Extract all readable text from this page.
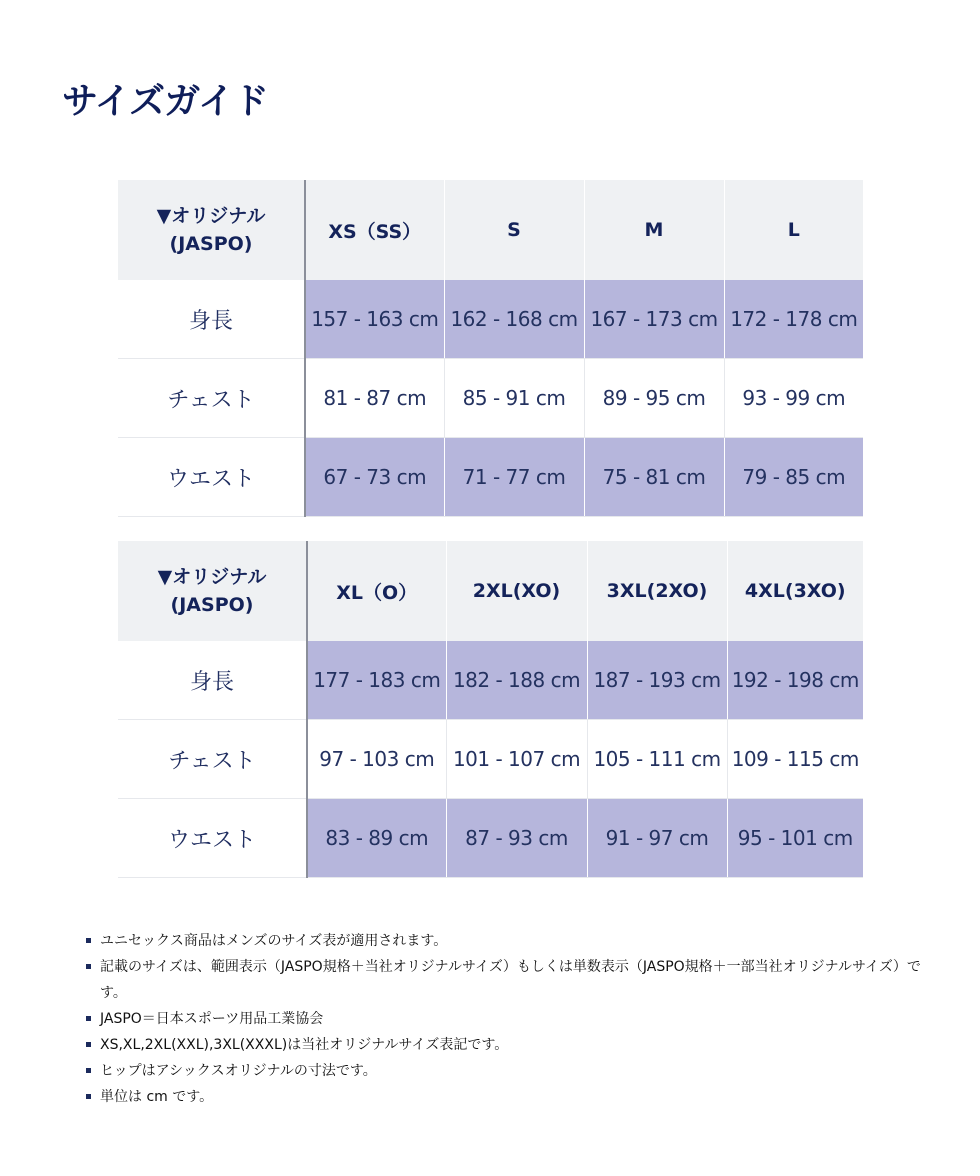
サイズガイド
▼オリジナル
(JASPO)	XS（SS）	S	M	L
身長	157 - 163 cm	162 - 168 cm	167 - 173 cm	172 - 178 cm
チェスト	81 - 87 cm	85 - 91 cm	89 - 95 cm	93 - 99 cm
ウエスト	67 - 73 cm	71 - 77 cm	75 - 81 cm	79 - 85 cm
▼オリジナル
(JASPO)	XL（O）	2XL(XO)	3XL(2XO)	4XL(3XO)
身長	177 - 183 cm	182 - 188 cm	187 - 193 cm	192 - 198 cm
チェスト	97 - 103 cm	101 - 107 cm	105 - 111 cm	109 - 115 cm
ウエスト	83 - 89 cm	87 - 93 cm	91 - 97 cm	95 - 101 cm
ユニセックス商品はメンズのサイズ表が適用されます。
記載のサイズは、範囲表示（JASPO規格＋当社オリジナルサイズ）もしくは単数表示（JASPO規格＋一部当社オリジナルサイズ）です。
JASPO＝日本スポーツ用品工業協会
XS,XL,2XL(XXL),3XL(XXXL)は当社オリジナルサイズ表記です。
ヒップはアシックスオリジナルの寸法です。
単位は cm です。
